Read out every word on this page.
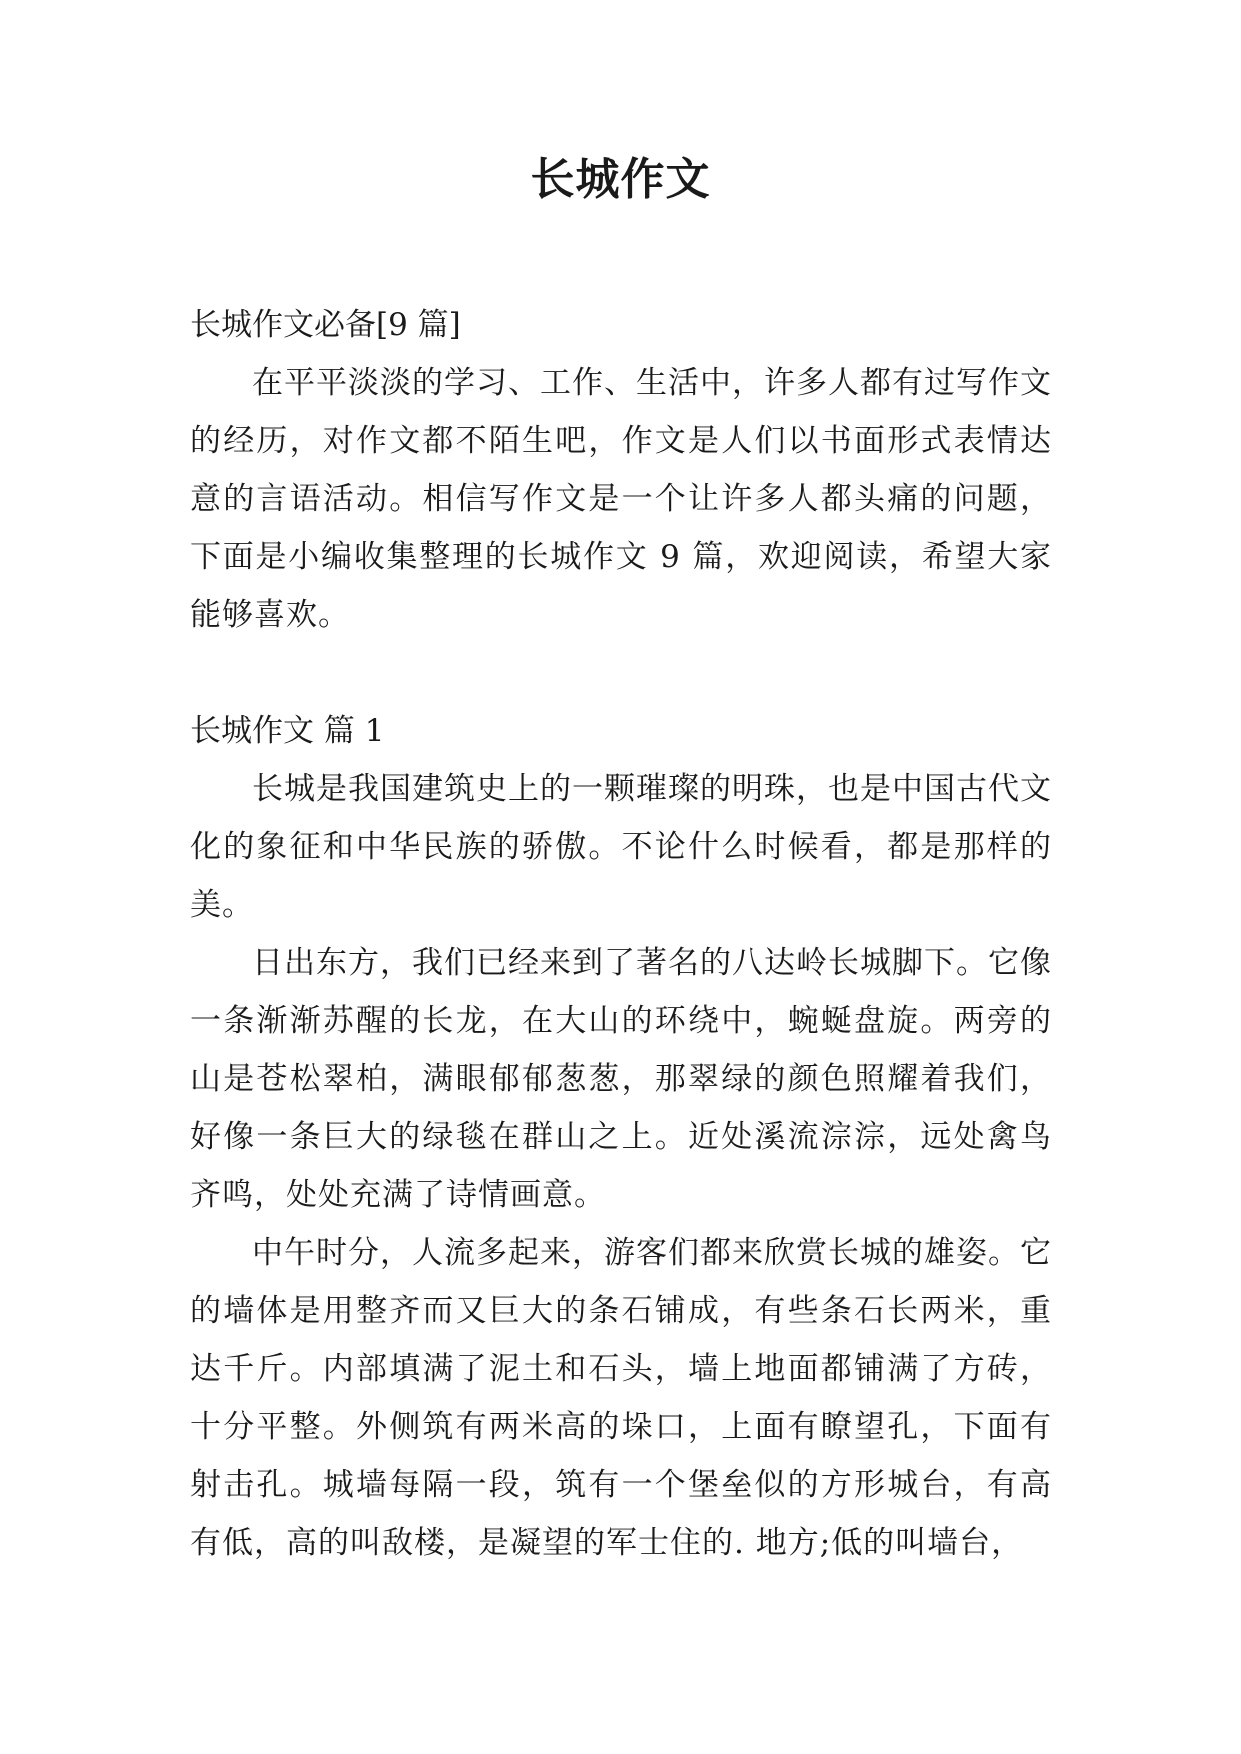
长城作文

长城作文必备[9 篇]

在平平淡淡的学习、工作、生活中，许多人都有过写作文的经历，对作文都不陌生吧，作文是人们以书面形式表情达意的言语活动。相信写作文是一个让许多人都头痛的问题，下面是小编收集整理的长城作文 9 篇，欢迎阅读，希望大家能够喜欢。

长城作文 篇 1

长城是我国建筑史上的一颗璀璨的明珠，也是中国古代文化的象征和中华民族的骄傲。不论什么时候看，都是那样的美。

日出东方，我们已经来到了著名的八达岭长城脚下。它像一条渐渐苏醒的长龙，在大山的环绕中，蜿蜒盘旋。两旁的山是苍松翠柏，满眼郁郁葱葱，那翠绿的颜色照耀着我们，好像一条巨大的绿毯在群山之上。近处溪流淙淙，远处禽鸟齐鸣，处处充满了诗情画意。

中午时分，人流多起来，游客们都来欣赏长城的雄姿。它的墙体是用整齐而又巨大的条石铺成，有些条石长两米，重达千斤。内部填满了泥土和石头，墙上地面都铺满了方砖，十分平整。外侧筑有两米高的垛口，上面有瞭望孔，下面有射击孔。城墙每隔一段，筑有一个堡垒似的方形城台，有高有低，高的叫敌楼，是凝望的军士住的. 地方;低的叫墙台，
